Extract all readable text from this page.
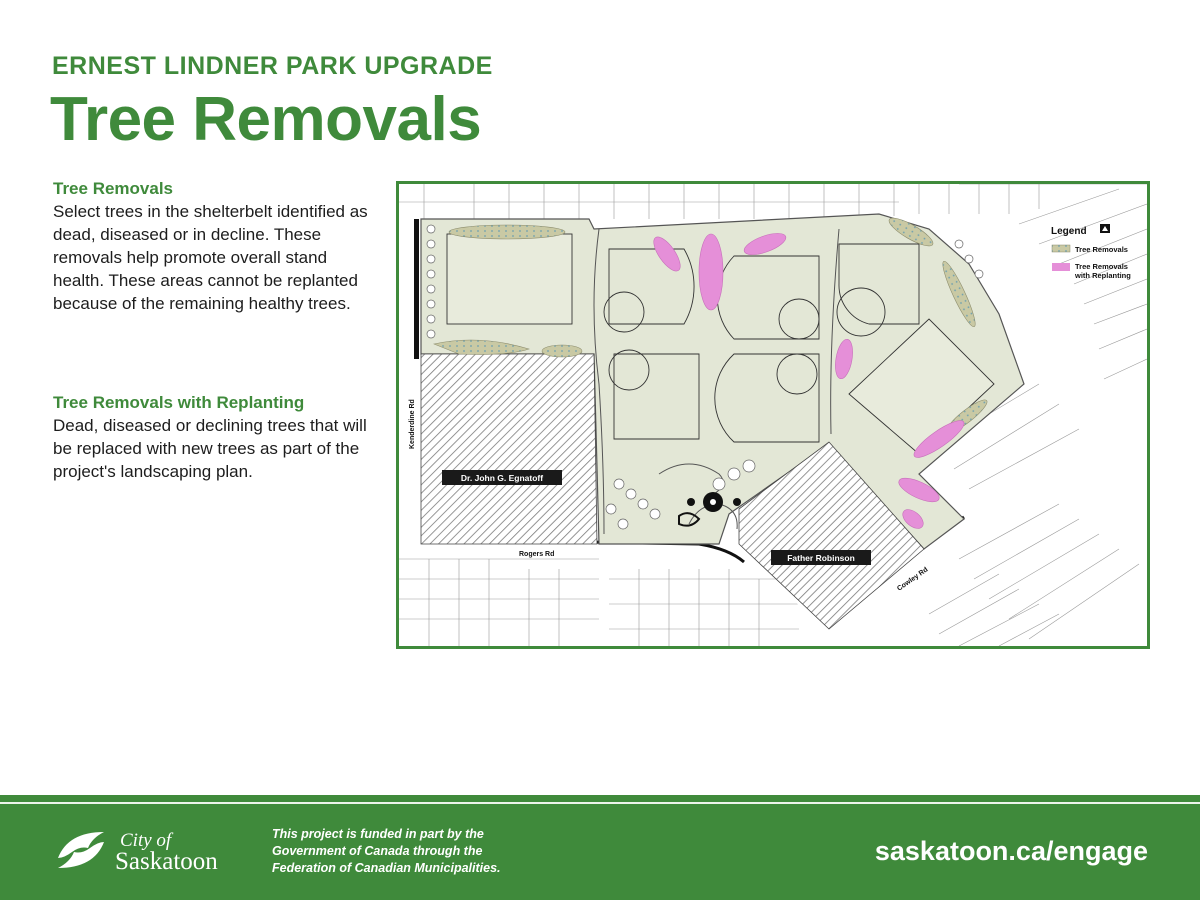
ERNEST LINDNER PARK UPGRADE
Tree Removals
Tree Removals

Select trees in the shelterbelt identified as dead, diseased or in decline. These removals help promote overall stand health. These areas cannot be replanted because of the remaining healthy trees.

Tree Removals with Replanting

Dead, diseased or declining trees that will be replaced with new trees as part of the project's landscaping plan.

Legend
Tree Removals
Tree Removals
with Replanting
Dr. John G. Egnatoff
Father Robinson
Kenderdine Rd
Rogers Rd
Cowley Rd
City of
Saskatoon
This project is funded in part by the
Government of Canada through the
Federation of Canadian Municipalities.
saskatoon.ca/engage
